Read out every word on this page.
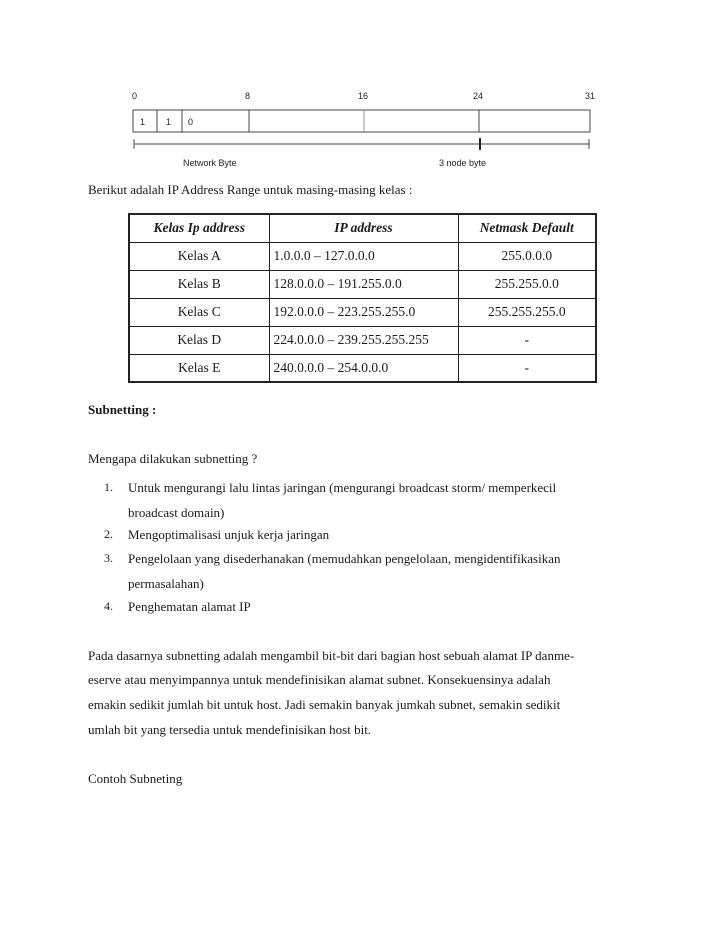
0	8	16	24	31
1 1 0
Network Byte	3 node byte
Berikut adalah IP Address Range untuk masing-masing kelas :
Kelas Ip address	IP address	Netmask Default
Kelas A	1.0.0.0 – 127.0.0.0	255.0.0.0
Kelas B	128.0.0.0 – 191.255.0.0	255.255.0.0
Kelas C	192.0.0.0 – 223.255.255.0	255.255.255.0
Kelas D	224.0.0.0 – 239.255.255.255	-
Kelas E	240.0.0.0 – 254.0.0.0	-
Subnetting :
Mengapa dilakukan subnetting ?
1. Untuk mengurangi lalu lintas jaringan (mengurangi broadcast storm/ memperkecil
broadcast domain)
2. Mengoptimalisasi unjuk kerja jaringan
3. Pengelolaan yang disederhanakan (memudahkan pengelolaan, mengidentifikasikan
permasalahan)
4. Penghematan alamat IP
Pada dasarnya subnetting adalah mengambil bit-bit dari bagian host sebuah alamat IP danme-
eserve atau menyimpannya untuk mendefinisikan alamat subnet. Konsekuensinya adalah
emakin sedikit jumlah bit untuk host. Jadi semakin banyak jumkah subnet, semakin sedikit
umlah bit yang tersedia untuk mendefinisikan host bit.
Contoh Subneting
